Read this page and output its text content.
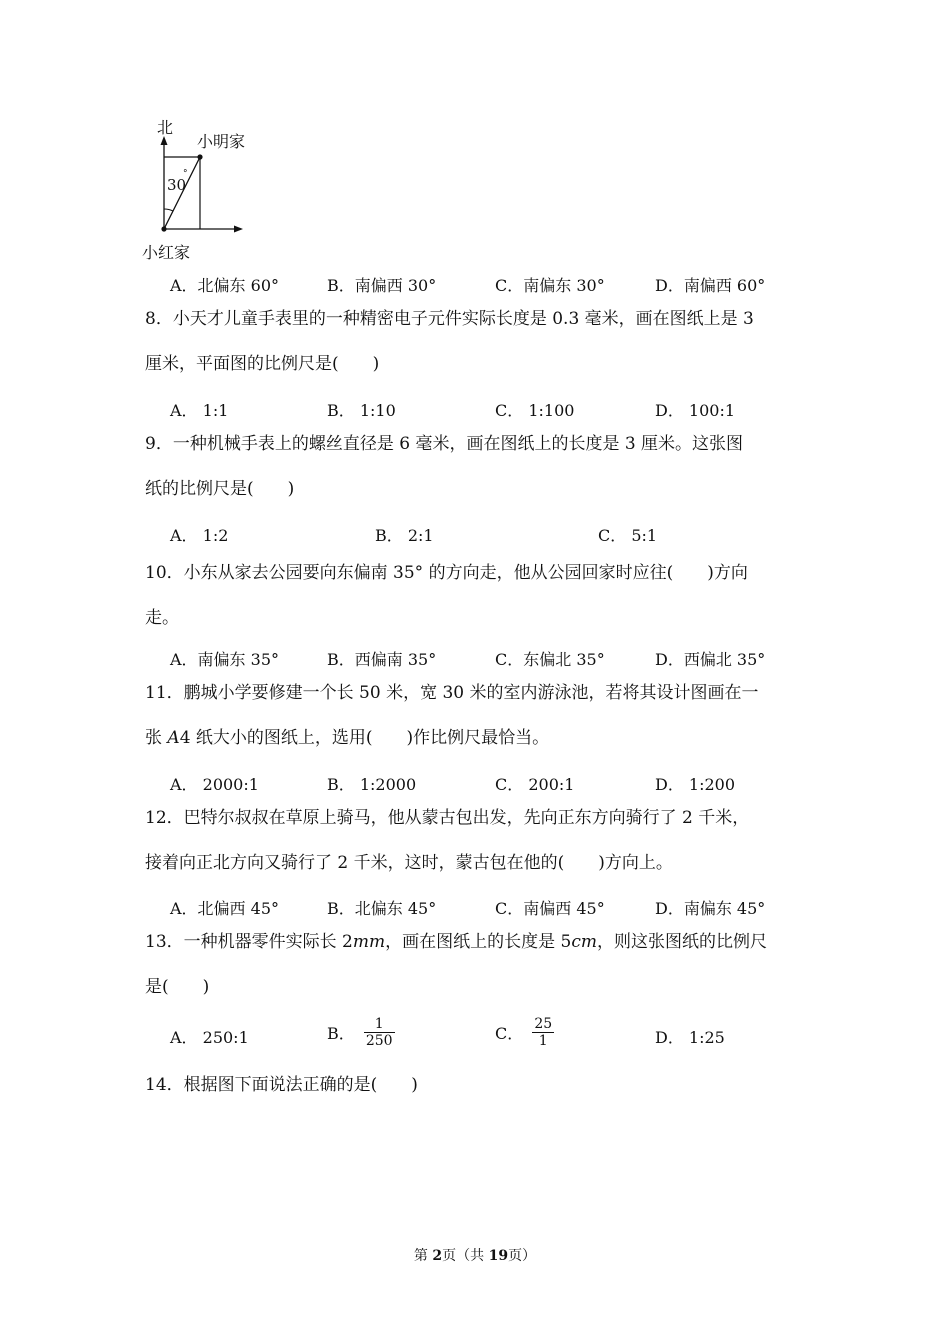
北
小明家
小红家
30
°
A．北偏东 60°	B．南偏西 30°	C．南偏东 30°	D．南偏西 60°
8．小天才儿童手表里的一种精密电子元件实际长度是 0.3 毫米，画在图纸上是 3
厘米，平面图的比例尺是(　　)
A． 1:1	B． 1:10	C． 1:100	D． 100:1
9．一种机械手表上的螺丝直径是 6 毫米，画在图纸上的长度是 3 厘米。这张图
纸的比例尺是(　　)
A． 1:2	B． 2:1	C． 5:1
10．小东从家去公园要向东偏南 35° 的方向走，他从公园回家时应往(　　)方向
走。
A．南偏东 35°	B．西偏南 35°	C．东偏北 35°	D．西偏北 35°
11．鹏城小学要修建一个长 50 米，宽 30 米的室内游泳池，若将其设计图画在一
张 A4 纸大小的图纸上，选用(　　)作比例尺最恰当。
A． 2000:1	B． 1:2000	C． 200:1	D． 1:200
12．巴特尔叔叔在草原上骑马，他从蒙古包出发，先向正东方向骑行了 2 千米，
接着向正北方向又骑行了 2 千米，这时，蒙古包在他的(　　)方向上。
A．北偏西 45°	B．北偏东 45°	C．南偏西 45°	D．南偏东 45°
13．一种机器零件实际长 2mm，画在图纸上的长度是 5cm，则这张图纸的比例尺
是(　　)
A． 250:1	B． $\frac{1}{250}$	C． $\frac{25}{1}$	D． 1:25
14．根据图下面说法正确的是(　　)
第 2页（共 19页）
